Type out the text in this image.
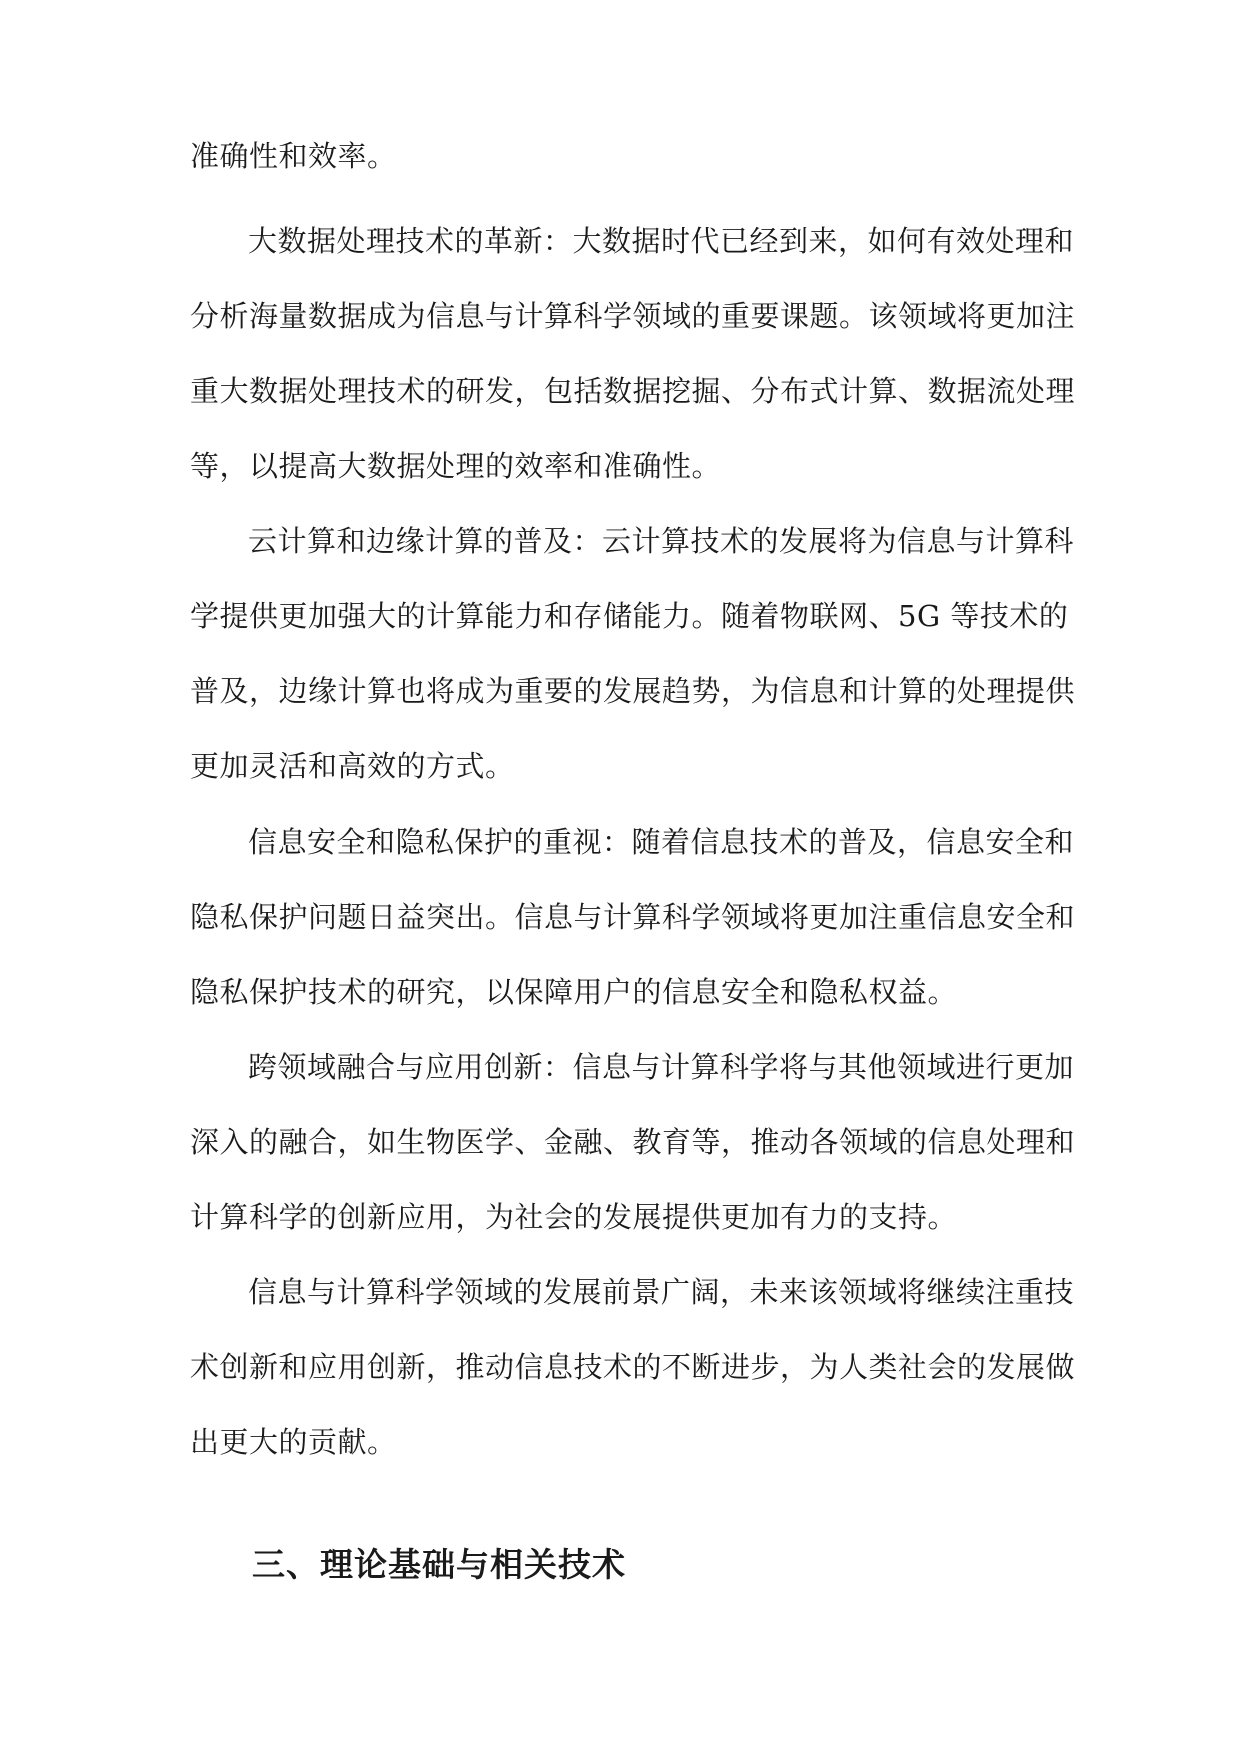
准确性和效率。
大数据处理技术的革新：大数据时代已经到来，如何有效处理和
分析海量数据成为信息与计算科学领域的重要课题。该领域将更加注
重大数据处理技术的研发，包括数据挖掘、分布式计算、数据流处理
等，以提高大数据处理的效率和准确性。
云计算和边缘计算的普及：云计算技术的发展将为信息与计算科
学提供更加强大的计算能力和存储能力。随着物联网、5G 等技术的
普及，边缘计算也将成为重要的发展趋势，为信息和计算的处理提供
更加灵活和高效的方式。
信息安全和隐私保护的重视：随着信息技术的普及，信息安全和
隐私保护问题日益突出。信息与计算科学领域将更加注重信息安全和
隐私保护技术的研究，以保障用户的信息安全和隐私权益。
跨领域融合与应用创新：信息与计算科学将与其他领域进行更加
深入的融合，如生物医学、金融、教育等，推动各领域的信息处理和
计算科学的创新应用，为社会的发展提供更加有力的支持。
信息与计算科学领域的发展前景广阔，未来该领域将继续注重技
术创新和应用创新，推动信息技术的不断进步，为人类社会的发展做
出更大的贡献。
三、理论基础与相关技术
